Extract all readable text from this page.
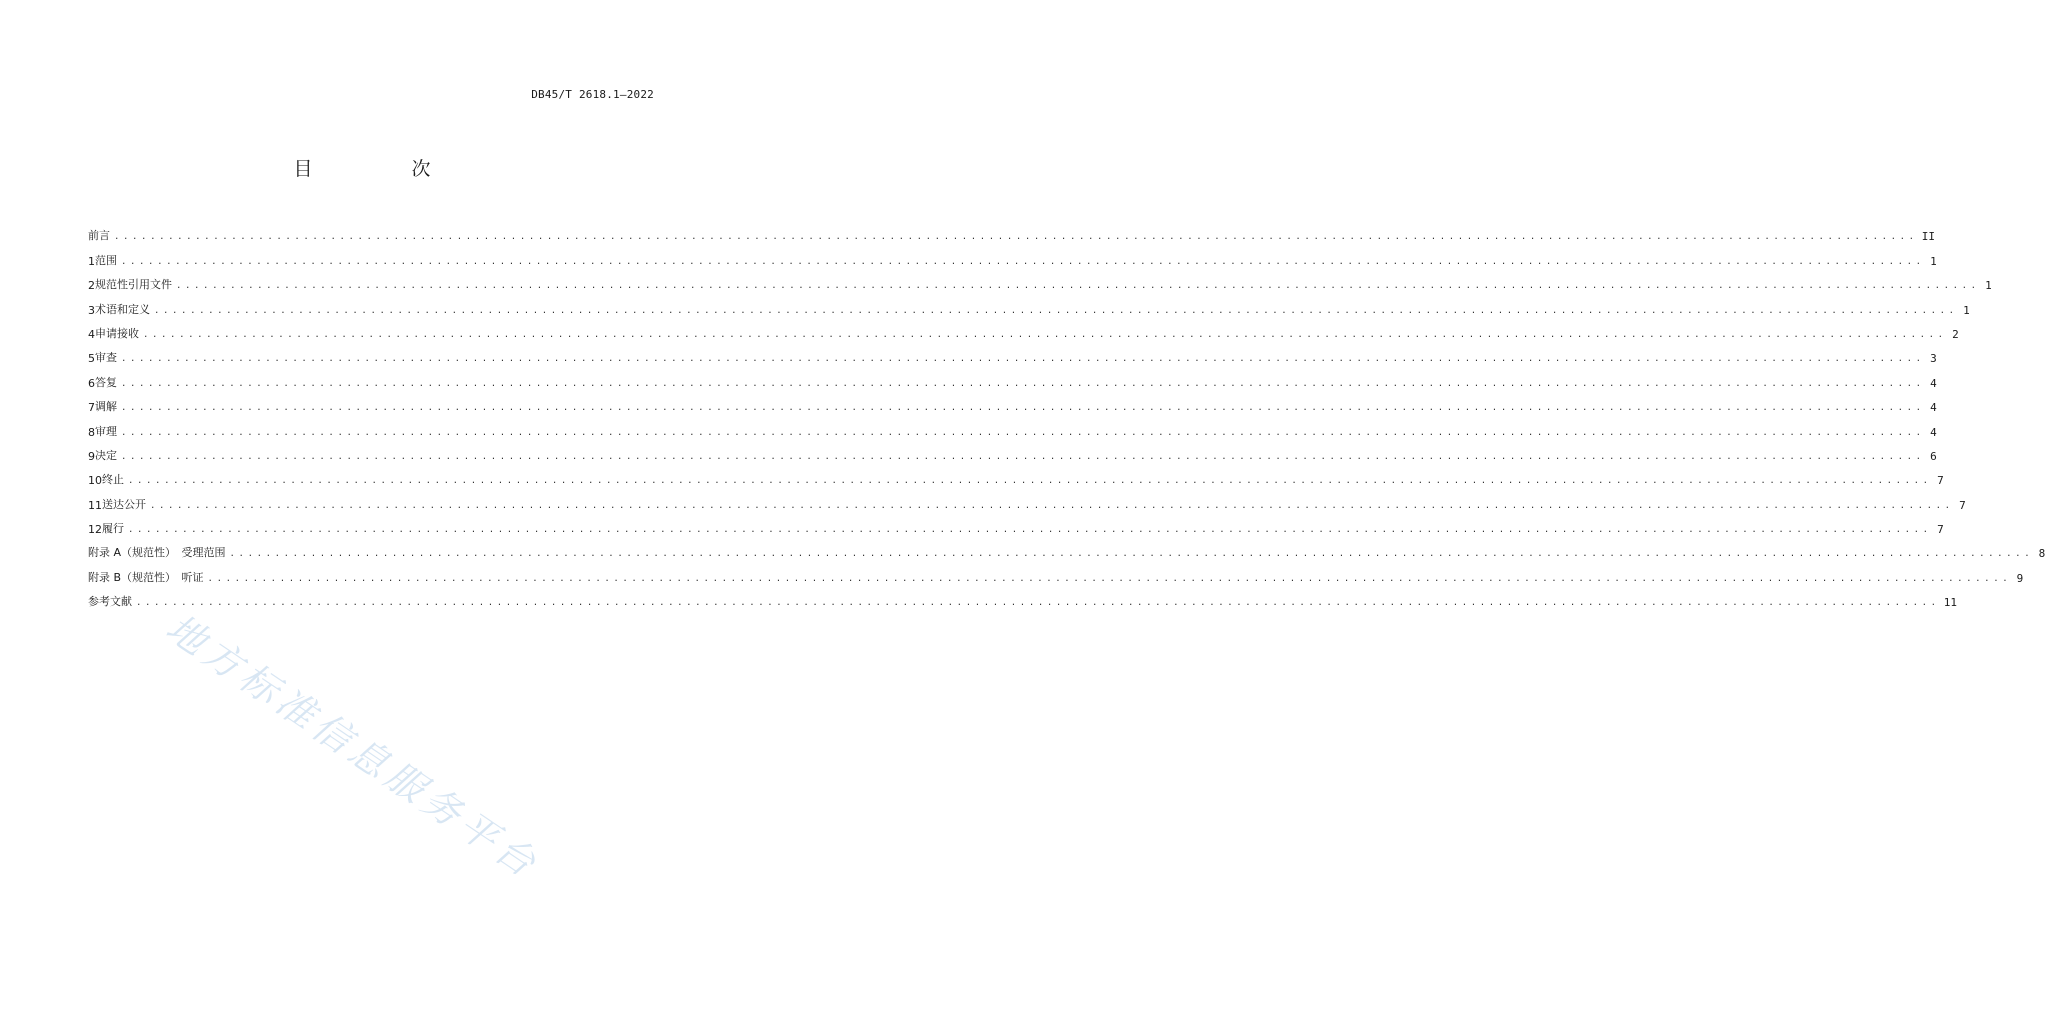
DB45/T 2618.1—2022
目　次
前言 ........................................................................................................................................................................................................ II
1 范围 ........................................................................................................................................................................................................ 1
2 规范性引用文件 ........................................................................................................................................................................................................ 1
3 术语和定义 ........................................................................................................................................................................................................ 1
4 申请接收 ........................................................................................................................................................................................................ 2
5 审查 ........................................................................................................................................................................................................ 3
6 答复 ........................................................................................................................................................................................................ 4
7 调解 ........................................................................................................................................................................................................ 4
8 审理 ........................................................................................................................................................................................................ 4
9 决定 ........................................................................................................................................................................................................ 6
10 终止 ........................................................................................................................................................................................................ 7
11 送达公开 ........................................................................................................................................................................................................ 7
12 履行 ........................................................................................................................................................................................................ 7
附录 A（规范性）　受理范围 ........................................................................................................................................................................................................ 8
附录 B（规范性）　听证 ........................................................................................................................................................................................................ 9
参考文献 ........................................................................................................................................................................................................ 11
地方标准信息服务平台
